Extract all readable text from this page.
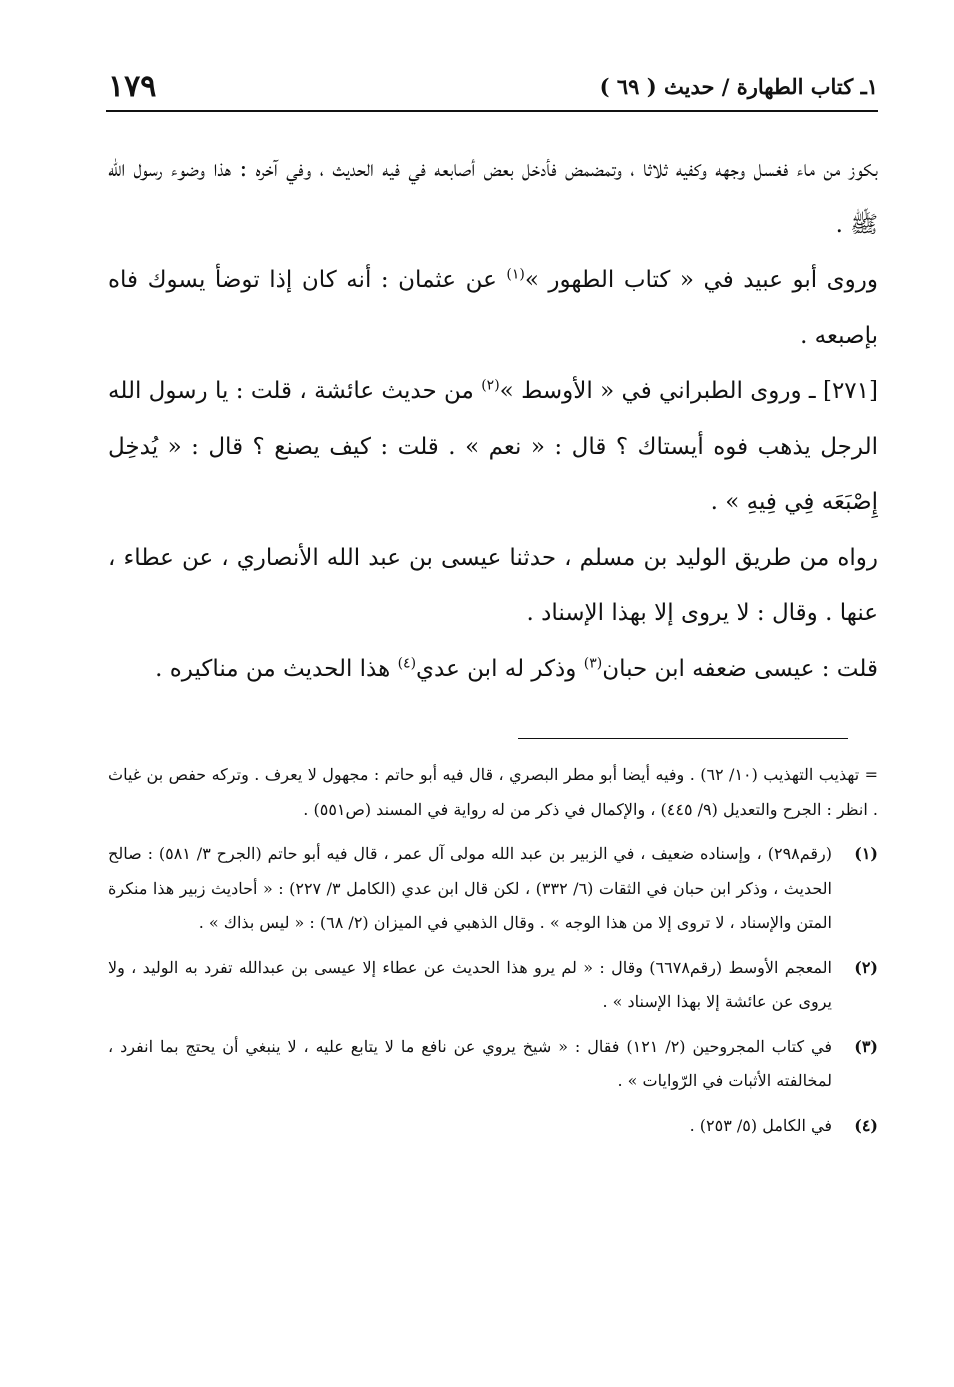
١ـ كتاب الطهارة / حديث ( ٦٩ )
١٧٩

بكوز من ماء فغسل وجهه وكفيه ثلاثا ، وتمضمض فأدخل بعض أصابعه في فيه الحديث ، وفي آخره : هذا وضوء رسول الله ﷺ .

وروى أبو عبيد في « كتاب الطهور »$^{(١)}$ عن عثمان : أنه كان إذا توضأ يسوك فاه بإصبعه .

[٢٧١] ـ وروى الطبراني في « الأوسط »$^{(٢)}$ من حديث عائشة ، قلت : يا رسول الله الرجل يذهب فوه أيستاك ؟ قال : « نعم » . قلت : كيف يصنع ؟ قال : « يُدخِل إِصْبَعَه فِي فِيهِ » .

رواه من طريق الوليد بن مسلم ، حدثنا عيسى بن عبد الله الأنصاري ، عن عطاء ، عنها . وقال : لا يروى إلا بهذا الإسناد .

قلت : عيسى ضعفه ابن حبان$^{(٣)}$ وذكر له ابن عدي$^{(٤)}$ هذا الحديث من مناكيره .

= تهذيب التهذيب (١٠/ ٦٢) . وفيه أيضا أبو مطر البصري ، قال فيه أبو حاتم : مجهول لا يعرف . وتركه حفص بن غياث . انظر : الجرح والتعديل (٩/ ٤٤٥) ، والإكمال في ذكر من له رواية في المسند (ص٥٥١) .

(١)
(رقم٢٩٨) ، وإسناده ضعيف ، في الزبير بن عبد الله مولى آل عمر ، قال فيه أبو حاتم (الجرح ٣/ ٥٨١) : صالح الحديث ، وذكر ابن حبان في الثقات (٦/ ٣٣٢) ، لكن قال ابن عدي (الكامل ٣/ ٢٢٧) : « أحاديث زبير هذا منكرة المتن والإسناد ، لا تروى إلا من هذا الوجه » . وقال الذهبي في الميزان (٢/ ٦٨) : « ليس بذاك » .
(٢)
المعجم الأوسط (رقم٦٦٧٨) وقال : « لم يرو هذا الحديث عن عطاء إلا عيسى بن عبدالله تفرد به الوليد ، ولا يروى عن عائشة إلا بهذا الإسناد » .
(٣)
في كتاب المجروحين (٢/ ١٢١) فقال : « شيخ يروي عن نافع ما لا يتابع عليه ، لا ينبغي أن يحتج بما انفرد ، لمخالفته الأثبات في الرّوايات » .
(٤)
في الكامل (٥/ ٢٥٣) .
